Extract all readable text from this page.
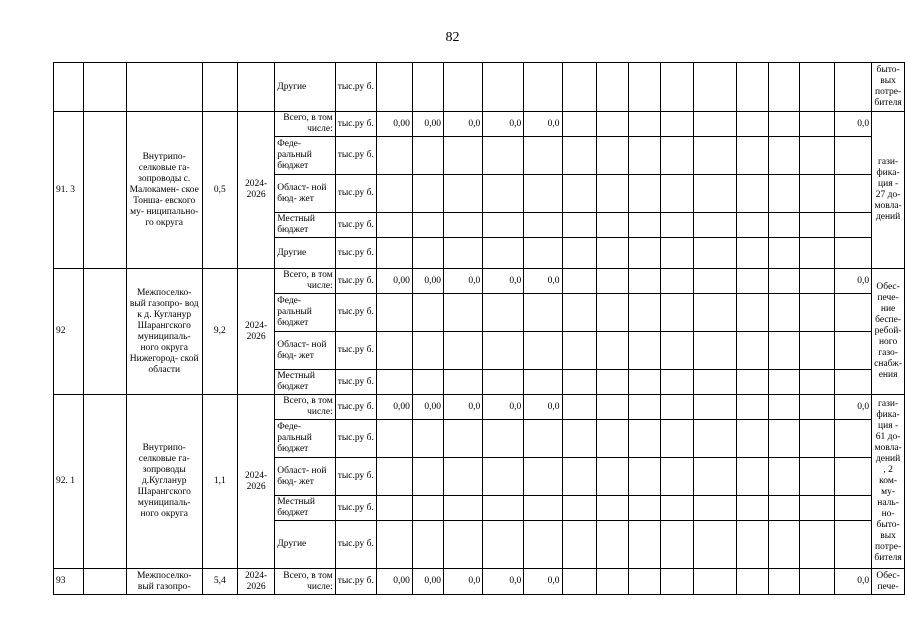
82
					Другие	тыс.ру б.															быто- вых потре- бителя
91. 3		Внутрипо- селковые га- зопроводы с. Малокамен- ское Тоншa- евского му- ниципально- го округа	0,5	2024- 2026	Всего, в том числе:	тыс.ру б.	0,00	0,00	0,0	0,0	0,0									0,0	гази- фика- ция - 27 до- мовла- дений
					Феде- ральный бюджет	тыс.ру б.															
					Област- ной бюд- жет	тыс.ру б.															
					Местный бюджет	тыс.ру б.															
					Другие	тыс.ру б.															
92		Межпоселко- вый газопро- вод к д. Кугланур Шарангского муниципаль- ного округа Нижегород- ской области	9,2	2024- 2026	Всего, в том числе:	тыс.ру б.	0,00	0,00	0,0	0,0	0,0									0,0	Обес- пече- ние беспе- ребой- ного газо- снабж- ения
					Феде- ральный бюджет	тыс.ру б.															
					Област- ной бюд- жет	тыс.ру б.															
					Местный бюджет	тыс.ру б.															
92. 1		Внутрипо- селковые га- зопроводы д.Кугланур Шарангского муниципаль- ного округа	1,1	2024- 2026	Всего, в том числе:	тыс.ру б.	0,00	0,00	0,0	0,0	0,0									0,0	гази- фика- ция - 61 до- мовла- дений , 2 ком- му- наль- но- быто- вых потре- бителя
					Феде- ральный бюджет	тыс.ру б.															
					Област- ной бюд- жет	тыс.ру б.															
					Местный бюджет	тыс.ру б.															
					Другие	тыс.ру б.															
93		Межпоселко- вый газопро-	5,4	2024- 2026	Всего, в том числе:	тыс.ру б.	0,00	0,00	0,0	0,0	0,0									0,0	Обес- пече-
